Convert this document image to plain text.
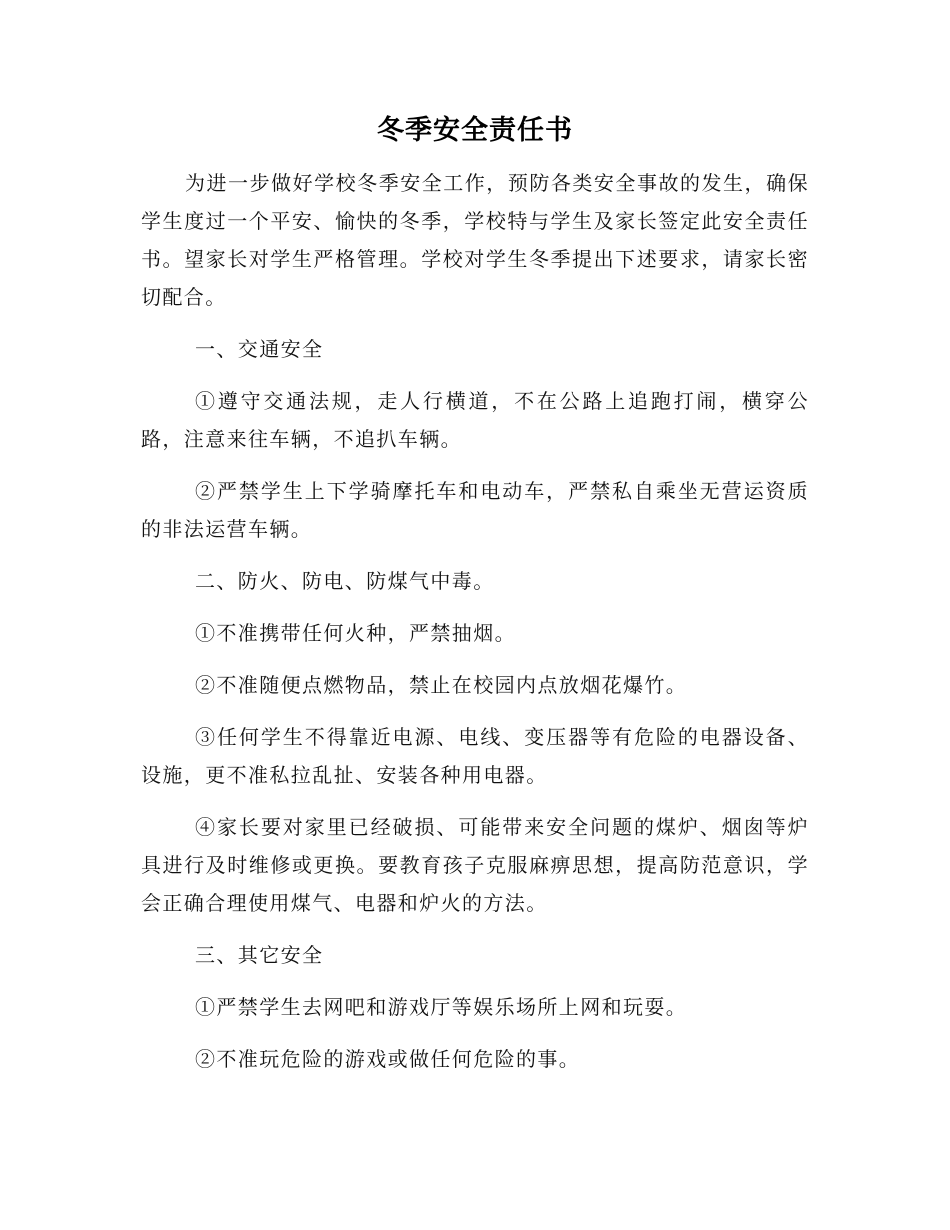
冬季安全责任书

为进一步做好学校冬季安全工作，预防各类安全事故的发生，确保学生度过一个平安、愉快的冬季，学校特与学生及家长签定此安全责任书。望家长对学生严格管理。学校对学生冬季提出下述要求，请家长密切配合。

一、交通安全

①遵守交通法规，走人行横道，不在公路上追跑打闹，横穿公路，注意来往车辆，不追扒车辆。

②严禁学生上下学骑摩托车和电动车，严禁私自乘坐无营运资质的非法运营车辆。

二、防火、防电、防煤气中毒。

①不准携带任何火种，严禁抽烟。

②不准随便点燃物品，禁止在校园内点放烟花爆竹。

③任何学生不得靠近电源、电线、变压器等有危险的电器设备、设施，更不准私拉乱扯、安装各种用电器。

④家长要对家里已经破损、可能带来安全问题的煤炉、烟囱等炉具进行及时维修或更换。要教育孩子克服麻痹思想，提高防范意识，学会正确合理使用煤气、电器和炉火的方法。

三、其它安全

①严禁学生去网吧和游戏厅等娱乐场所上网和玩耍。

②不准玩危险的游戏或做任何危险的事。
